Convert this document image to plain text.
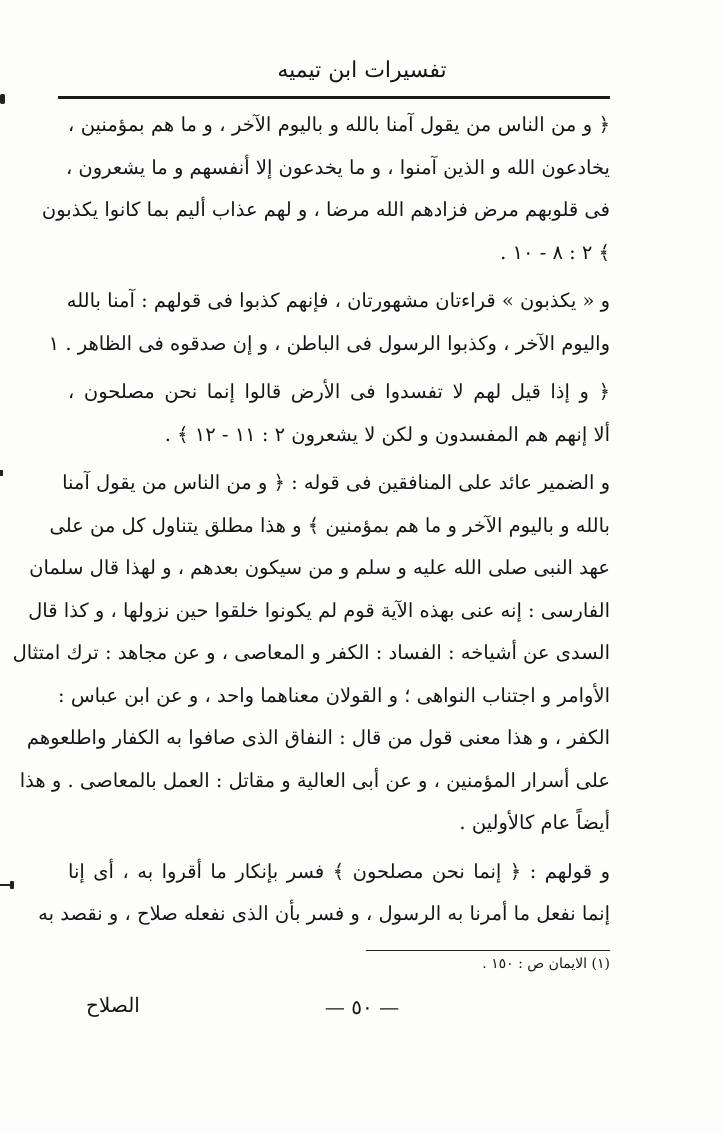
تفسيرات ابن تيميه
﴿ و من الناس من يقول آمنا بالله و باليوم الآخر ، و ما هم بمؤمنين ،
يخادعون الله و الذين آمنوا ، و ما يخدعون إلا أنفسهم و ما يشعرون ،
فى قلوبهم مرض فزادهم الله مرضا ، و لهم عذاب أليم بما كانوا يكذبون
﴾ ٢ : ٨ - ١٠ .
و « يكذبون » قراءتان مشهورتان ، فإنهم كذبوا فى قولهم : آمنا بالله
واليوم الآخر ، وكذبوا الرسول فى الباطن ، و إن صدقوه فى الظاهر . ١
﴿ و إذا قيل لهم لا تفسدوا فى الأرض قالوا إنما نحن مصلحون ،
ألا إنهم هم المفسدون و لكن لا يشعرون ٢ : ١١ - ١٢ ﴾ .
و الضمير عائد على المنافقين فى قوله : ﴿ و من الناس من يقول آمنا
بالله و باليوم الآخر و ما هم بمؤمنين ﴾ و هذا مطلق يتناول كل من على
عهد النبى صلى الله عليه و سلم و من سيكون بعدهم ، و لهذا قال سلمان
الفارسى : إنه عنى بهذه الآية قوم لم يكونوا خلقوا حين نزولها ، و كذا قال
السدى عن أشياخه : الفساد : الكفر و المعاصى ، و عن مجاهد : ترك امتثال
الأوامر و اجتناب النواهى ؛ و القولان معناهما واحد ، و عن ابن عباس :
الكفر ، و هذا معنى قول من قال : النفاق الذى صافوا به الكفار واطلعوهم
على أسرار المؤمنين ، و عن أبى العالية و مقاتل : العمل بالمعاصى . و هذا
أيضاً عام كالأولين .
و قولهم : ﴿ إنما نحن مصلحون ﴾ فسر بإنكار ما أقروا به ، أى إنا
إنما نفعل ما أمرنا به الرسول ، و فسر بأن الذى نفعله صلاح ، و نقصد به
(١) الايمان ص : ١٥٠ .
— ٥٠ —
الصلاح
